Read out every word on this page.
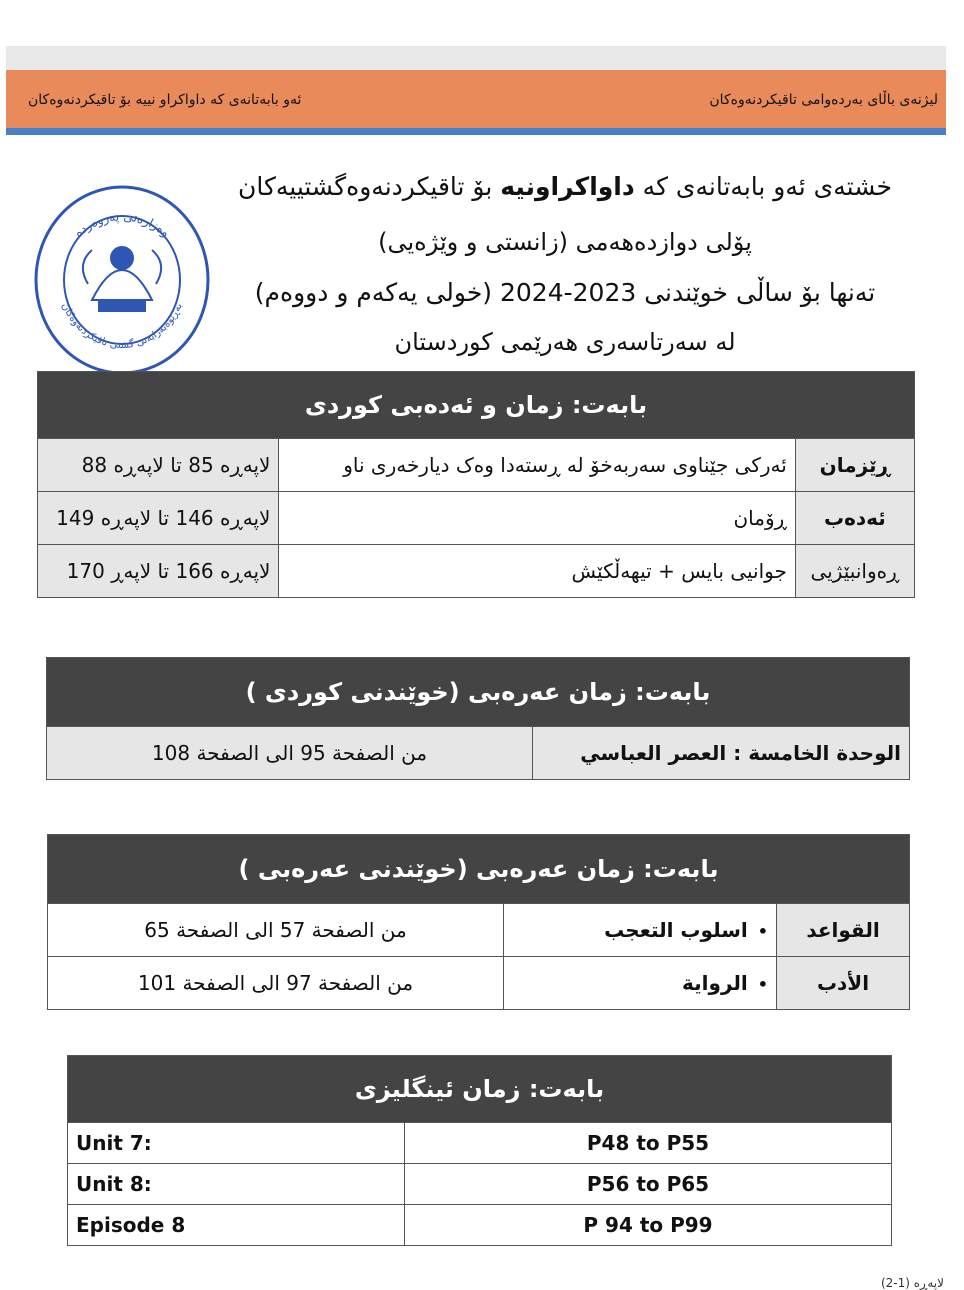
لیژنەی باڵای بەردەوامی تاقیکردنەوەکان
ئەو بابەتانەی کە داواکراو نییە بۆ تاقیکردنەوەکان
خشتەی ئەو بابەتانەی کە داواکراونیە بۆ تاقیکردنەوەگشتییەکان
پۆلی دوازدەهەمی (زانستی و وێژەیی)
تەنها بۆ ساڵی خوێندنی 2023-2024 (خولی یەکەم و دووەم)
لە سەرتاسەری هەرێمی کوردستان
وەزارەتی پەروەردە
بەڕێوەبەرایەتی گشتی تاقیکردنەوەکان
بابەت: زمان و ئەدەبی كوردی		
ڕێزمان	ئەرکی جێناوی سەربەخۆ لە ڕستەدا وەک دیارخەری ناو	لاپەڕە 85 تا لاپەڕە 88
ئەدەب	ڕۆمان	لاپەڕە 146 تا لاپەڕە 149
ڕەوانبێژیی	جوانیی بایس + تیهەڵکێش	لاپەڕە 166 تا لاپەڕ 170
بابەت: زمان عەرەبی (خوێندنی کوردی )
الوحدة الخامسة : العصر العباسي	من الصفحة 95 الى الصفحة 108
بابەت: زمان عەرەبی (خوێندنی عەرەبی )		
القواعد	• اسلوب التعجب	من الصفحة 57 الى الصفحة 65
الأدب	• الرواية	من الصفحة 97 الى الصفحة 101
بابەت: زمان ئینگلیزی	
P48 to P55	Unit 7:
P56 to P65	Unit 8:
P 94 to P99	Episode 8
(2-1) لاپەڕە
